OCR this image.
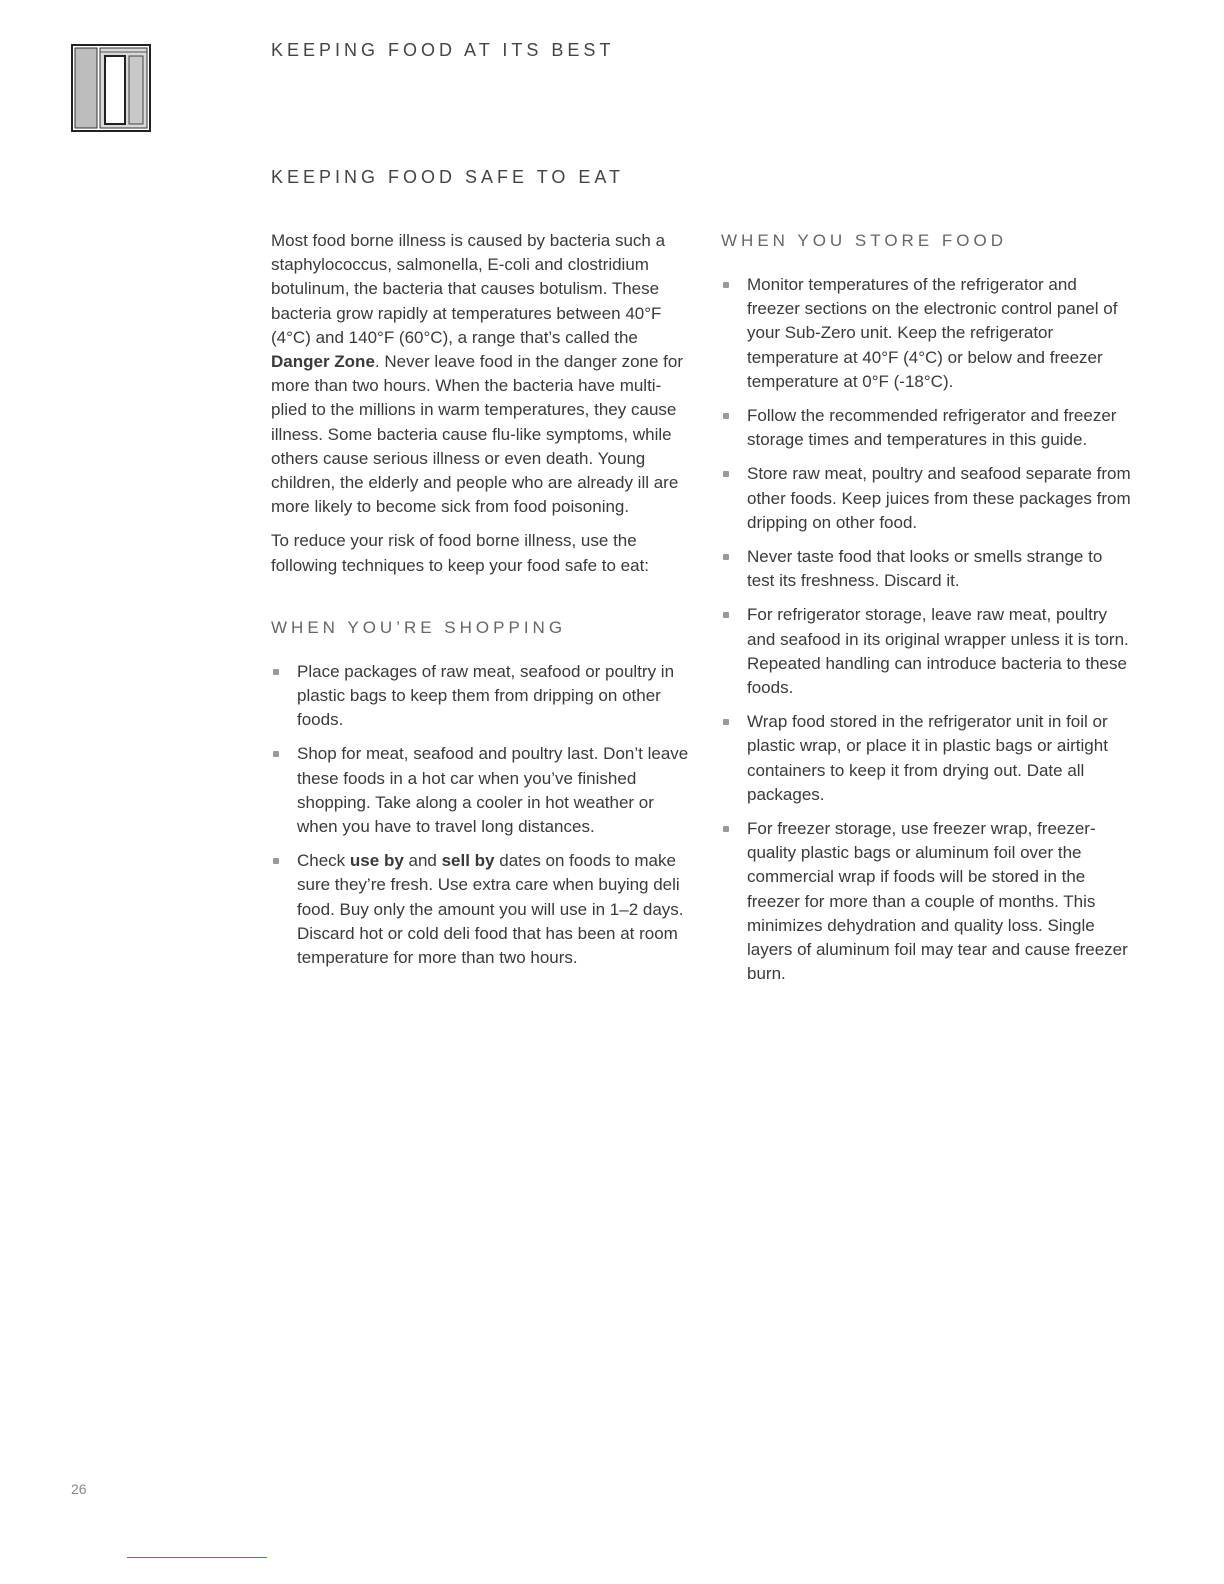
KEEPING FOOD AT ITS BEST
KEEPING FOOD SAFE TO EAT

Most food borne illness is caused by bacteria such a staphylococcus, salmonella, E-coli and clostridium botulinum, the bacteria that causes botulism. These bacteria grow rapidly at temperatures between 40°F (4°C) and 140°F (60°C), a range that’s called the Danger Zone. Never leave food in the danger zone for more than two hours. When the bacteria have multi-plied to the millions in warm temperatures, they cause illness. Some bacteria cause flu-like symptoms, while others cause serious illness or even death. Young children, the elderly and people who are already ill are more likely to become sick from food poisoning.

To reduce your risk of food borne illness, use the following techniques to keep your food safe to eat:

WHEN YOU’RE SHOPPING
Place packages of raw meat, seafood or poultry in plastic bags to keep them from dripping on other foods.
Shop for meat, seafood and poultry last. Don’t leave these foods in a hot car when you’ve finished shopping. Take along a cooler in hot weather or when you have to travel long distances.
Check use by and sell by dates on foods to make sure they’re fresh. Use extra care when buying deli food. Buy only the amount you will use in 1–2 days. Discard hot or cold deli food that has been at room temperature for more than two hours.
WHEN YOU STORE FOOD
Monitor temperatures of the refrigerator and freezer sections on the electronic control panel of your Sub-Zero unit. Keep the refrigerator temperature at 40°F (4°C) or below and freezer temperature at 0°F (-18°C).
Follow the recommended refrigerator and freezer storage times and temperatures in this guide.
Store raw meat, poultry and seafood separate from other foods. Keep juices from these packages from dripping on other food.
Never taste food that looks or smells strange to test its freshness. Discard it.
For refrigerator storage, leave raw meat, poultry and seafood in its original wrapper unless it is torn. Repeated handling can introduce bacteria to these foods.
Wrap food stored in the refrigerator unit in foil or plastic wrap, or place it in plastic bags or airtight containers to keep it from drying out. Date all packages.
For freezer storage, use freezer wrap, freezer-quality plastic bags or aluminum foil over the commercial wrap if foods will be stored in the freezer for more than a couple of months. This minimizes dehydration and quality loss. Single layers of aluminum foil may tear and cause freezer burn.
26
